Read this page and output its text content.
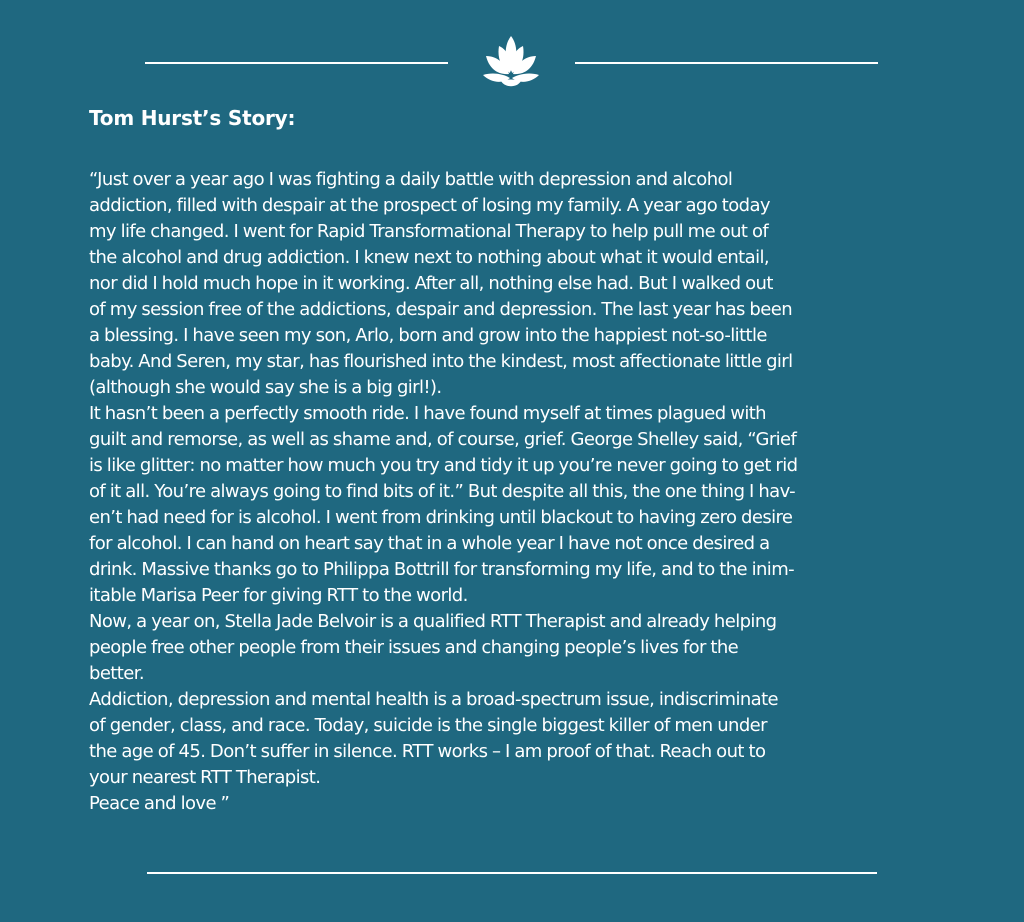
Tom Hurst’s Story:

“Just over a year ago I was fighting a daily battle with depression and alcohol

addiction, filled with despair at the prospect of losing my family. A year ago today

my life changed. I went for Rapid Transformational Therapy to help pull me out of

the alcohol and drug addiction. I knew next to nothing about what it would entail,

nor did I hold much hope in it working. After all, nothing else had. But I walked out

of my session free of the addictions, despair and depression. The last year has been

a blessing. I have seen my son, Arlo, born and grow into the happiest not-so-little

baby. And Seren, my star, has flourished into the kindest, most affectionate little girl

(although she would say she is a big girl!).

It hasn’t been a perfectly smooth ride. I have found myself at times plagued with

guilt and remorse, as well as shame and, of course, grief. George Shelley said, “Grief

is like glitter: no matter how much you try and tidy it up you’re never going to get rid

of it all. You’re always going to find bits of it.” But despite all this, the one thing I hav-

en’t had need for is alcohol. I went from drinking until blackout to having zero desire

for alcohol. I can hand on heart say that in a whole year I have not once desired a

drink. Massive thanks go to Philippa Bottrill for transforming my life, and to the inim-

itable Marisa Peer for giving RTT to the world.

Now, a year on, Stella Jade Belvoir is a qualified RTT Therapist and already helping

people free other people from their issues and changing people’s lives for the

better.

Addiction, depression and mental health is a broad-spectrum issue, indiscriminate

of gender, class, and race. Today, suicide is the single biggest killer of men under

the age of 45. Don’t suffer in silence. RTT works – I am proof of that. Reach out to

your nearest RTT Therapist.

Peace and love ”
